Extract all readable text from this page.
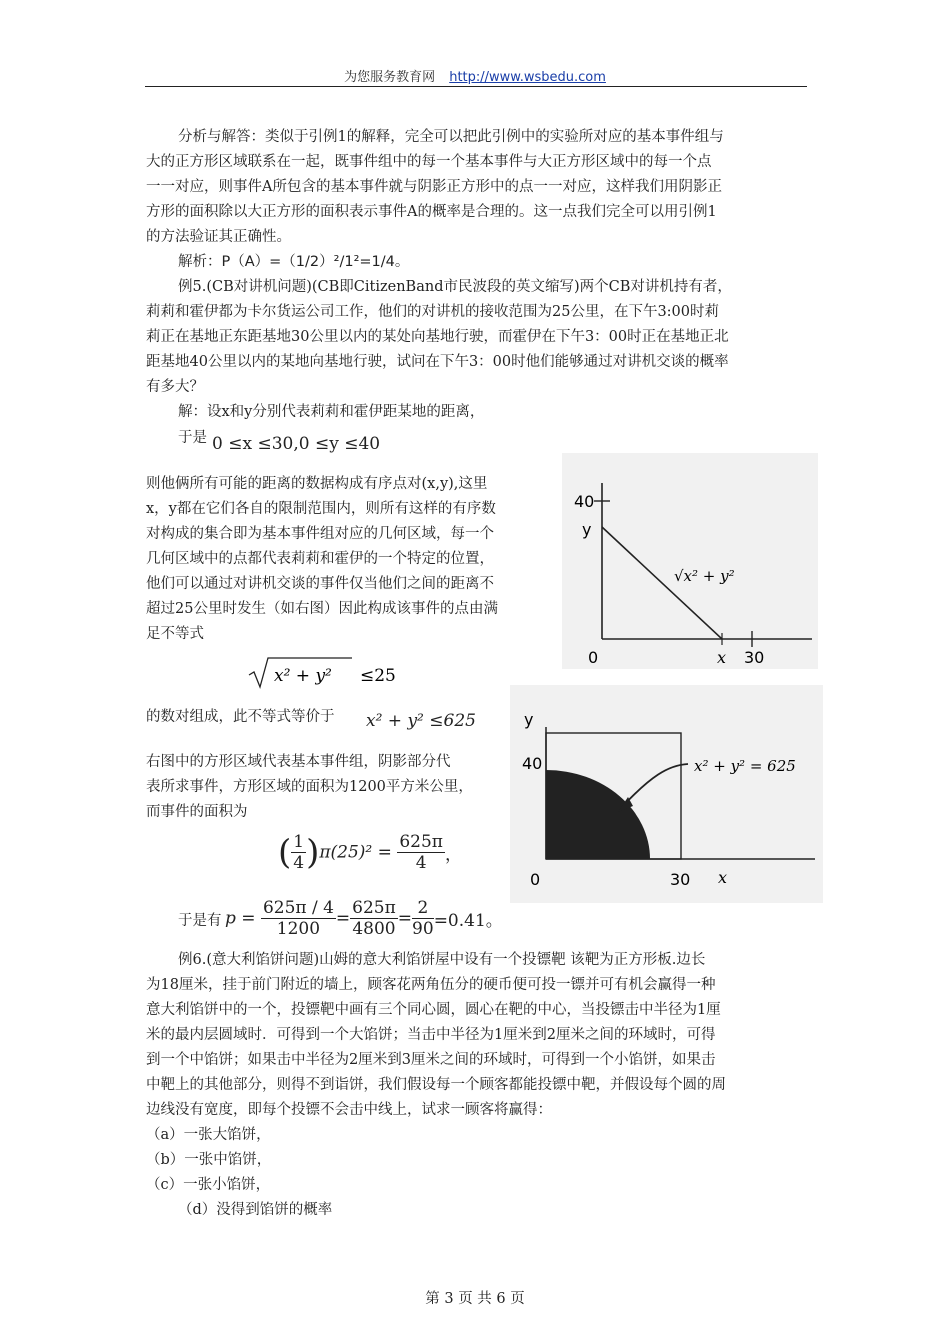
为您服务教育网 http://www.wsbedu.com
分析与解答：类似于引例1的解释，完全可以把此引例中的实验所对应的基本事件组与
大的正方形区域联系在一起，既事件组中的每一个基本事件与大正方形区域中的每一个点
一一对应，则事件A所包含的基本事件就与阴影正方形中的点一一对应，这样我们用阴影正
方形的面积除以大正方形的面积表示事件A的概率是合理的。这一点我们完全可以用引例1
的方法验证其正确性。
解析：P（A）=（1/2）²/1²=1/4。
例5.(CB对讲机问题)(CB即CitizenBand市民波段的英文缩写)两个CB对讲机持有者，
莉莉和霍伊都为卡尔货运公司工作，他们的对讲机的接收范围为25公里，在下午3:00时莉
莉正在基地正东距基地30公里以内的某处向基地行驶，而霍伊在下午3：00时正在基地正北
距基地40公里以内的某地向基地行驶，试问在下午3：00时他们能够通过对讲机交谈的概率
有多大？
解：设x和y分别代表莉莉和霍伊距某地的距离，
于是 0 ≤x ≤30,0 ≤y ≤40
则他俩所有可能的距离的数据构成有序点对(x,y),这里
x，y都在它们各自的限制范围内，则所有这样的有序数
对构成的集合即为基本事件组对应的几何区域，每一个
几何区域中的点都代表莉莉和霍伊的一个特定的位置，
他们可以通过对讲机交谈的事件仅当他们之间的距离不
超过25公里时发生（如右图）因此构成该事件的点由满
足不等式
x² + y² ≤25
的数对组成，此不等式等价于 x² + y² ≤625
右图中的方形区域代表基本事件组，阴影部分代
表所求事件，方形区域的面积为1200平方米公里，
而事件的面积为
( $\frac{1}{4} )\pi(25)^2 = \frac{625\pi}{4}$ ，
于是有 $p = \frac{625\pi / 4}{1200} = \frac{625\pi}{4800} = \frac{2}{90} =0.41$。
例6.(意大利馅饼问题)山姆的意大利馅饼屋中设有一个投镖靶 该靶为正方形板.边长
为18厘米，挂于前门附近的墙上，顾客花两角伍分的硬币便可投一镖并可有机会赢得一种
意大利馅饼中的一个，投镖靶中画有三个同心圆，圆心在靶的中心，当投镖击中半径为1厘
米的最内层圆域时．可得到一个大馅饼；当击中半径为1厘米到2厘米之间的环域时，可得
到一个中馅饼；如果击中半径为2厘米到3厘米之间的环域时，可得到一个小馅饼，如果击
中靶上的其他部分，则得不到诣饼，我们假设每一个顾客都能投镖中靶，并假设每个圆的周
边线没有宽度，即每个投镖不会击中线上，试求一顾客将赢得：
（a）一张大馅饼，
（b）一张中馅饼，
（c）一张小馅饼，
（d）没得到馅饼的概率
40
y
0	x 30
√x² + y²
y
40
0	30 x
x² + y² = 625
第 3 页 共 6 页
